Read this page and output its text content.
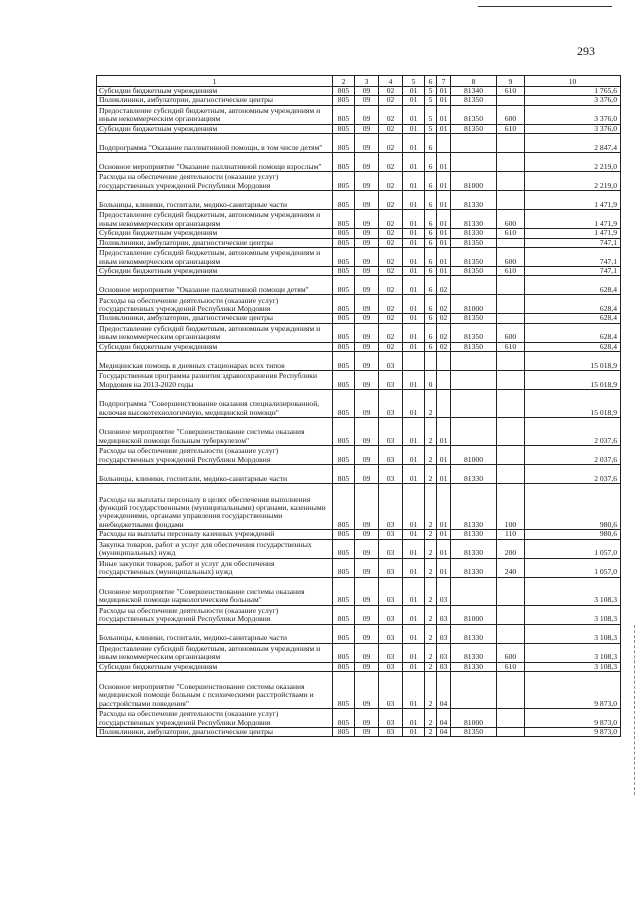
293
1	2	3	4	5	6	7	8	9	10
Субсидии бюджетным учреждениям	805	09	02	01	5	01	81340	610	1 765,6
Поликлиники, амбулатории, диагностические центры	805	09	02	01	5	01	81350		3 376,0
Предоставление субсидий бюджетным, автономным учреждениям и иным некоммерческим организациям	805	09	02	01	5	01	81350	600	3 376,0
Субсидии бюджетным учреждениям	805	09	02	01	5	01	81350	610	3 376,0
Подпрограмма "Оказание паллиативной помощи, в том числе детям"	805	09	02	01	6				2 847,4
Основное мероприятие "Оказание паллиативной помощи взрослым"	805	09	02	01	6	01			2 219,0
Расходы на обеспечение деятельности (оказание услуг) государственных учреждений Республики Мордовия	805	09	02	01	6	01	81000		2 219,0
Больницы, клиники, госпитали, медико-санитарные части	805	09	02	01	6	01	81330		1 471,9
Предоставление субсидий бюджетным, автономным учреждениям и иным некоммерческим организациям	805	09	02	01	6	01	81330	600	1 471,9
Субсидии бюджетным учреждениям	805	09	02	01	6	01	81330	610	1 471,9
Поликлиники, амбулатории, диагностические центры	805	09	02	01	6	01	81350		747,1
Предоставление субсидий бюджетным, автономным учреждениям и иным некоммерческим организациям	805	09	02	01	6	01	81350	600	747,1
Субсидии бюджетным учреждениям	805	09	02	01	6	01	81350	610	747,1
Основное мероприятие "Оказание паллиативной помощи детям"	805	09	02	01	6	02			628,4
Расходы на обеспечение деятельности (оказание услуг) государственных учреждений Республики Мордовия	805	09	02	01	6	02	81000		628,4
Поликлиники, амбулатории, диагностические центры	805	09	02	01	6	02	81350		628,4
Предоставление субсидий бюджетным, автономным учреждениям и иным некоммерческим организациям	805	09	02	01	6	02	81350	600	628,4
Субсидии бюджетным учреждениям	805	09	02	01	6	02	81350	610	628,4
Медицинская помощь в дневных стационарах всех типов	805	09	03						15 018,9
Государственная программа развития здравоохранения Республики Мордовия на 2013-2020 годы	805	09	03	01	0				15 018,9
Подпрограмма "Совершенствование оказания специализированной, включая высокотехнологичную, медицинской помощи"	805	09	03	01	2				15 018,9
Основное мероприятие "Совершенствование системы оказания медицинской помощи больным туберкулезом"	805	09	03	01	2	01			2 037,6
Расходы на обеспечение деятельности (оказание услуг) государственных учреждений Республики Мордовия	805	09	03	01	2	01	81000		2 037,6
Больницы, клиники, госпитали, медико-санитарные части	805	09	03	01	2	01	81330		2 037,6
Расходы на выплаты персоналу в целях обеспечения выполнения функций государственными (муниципальными) органами, казенными учреждениями, органами управления государственными внебюджетными фондами	805	09	03	01	2	01	81330	100	980,6
Расходы на выплаты персоналу казенных учреждений	805	09	03	01	2	01	81330	110	980,6
Закупка товаров, работ и услуг для обеспечения государственных (муниципальных) нужд	805	09	03	01	2	01	81330	200	1 057,0
Иные закупки товаров, работ и услуг для обеспечения государственных (муниципальных) нужд	805	09	03	01	2	01	81330	240	1 057,0
Основное мероприятие "Совершенствование системы оказания медицинской помощи наркологическим больным"	805	09	03	01	2	03			3 108,3
Расходы на обеспечение деятельности (оказание услуг) государственных учреждений Республики Мордовия	805	09	03	01	2	03	81000		3 108,3
Больницы, клиники, госпитали, медико-санитарные части	805	09	03	01	2	03	81330		3 108,3
Предоставление субсидий бюджетным, автономным учреждениям и иным некоммерческим организациям	805	09	03	01	2	03	81330	600	3 108,3
Субсидии бюджетным учреждениям	805	09	03	01	2	03	81330	610	3 108,3
Основное мероприятие "Совершенствование системы оказания медицинской помощи больным с психическими расстройствами и расстройствами поведения"	805	09	03	01	2	04			9 873,0
Расходы на обеспечение деятельности (оказание услуг) государственных учреждений Республики Мордовия	805	09	03	01	2	04	81000		9 873,0
Поликлиники, амбулатории, диагностические центры	805	09	03	01	2	04	81350		9 873,0
